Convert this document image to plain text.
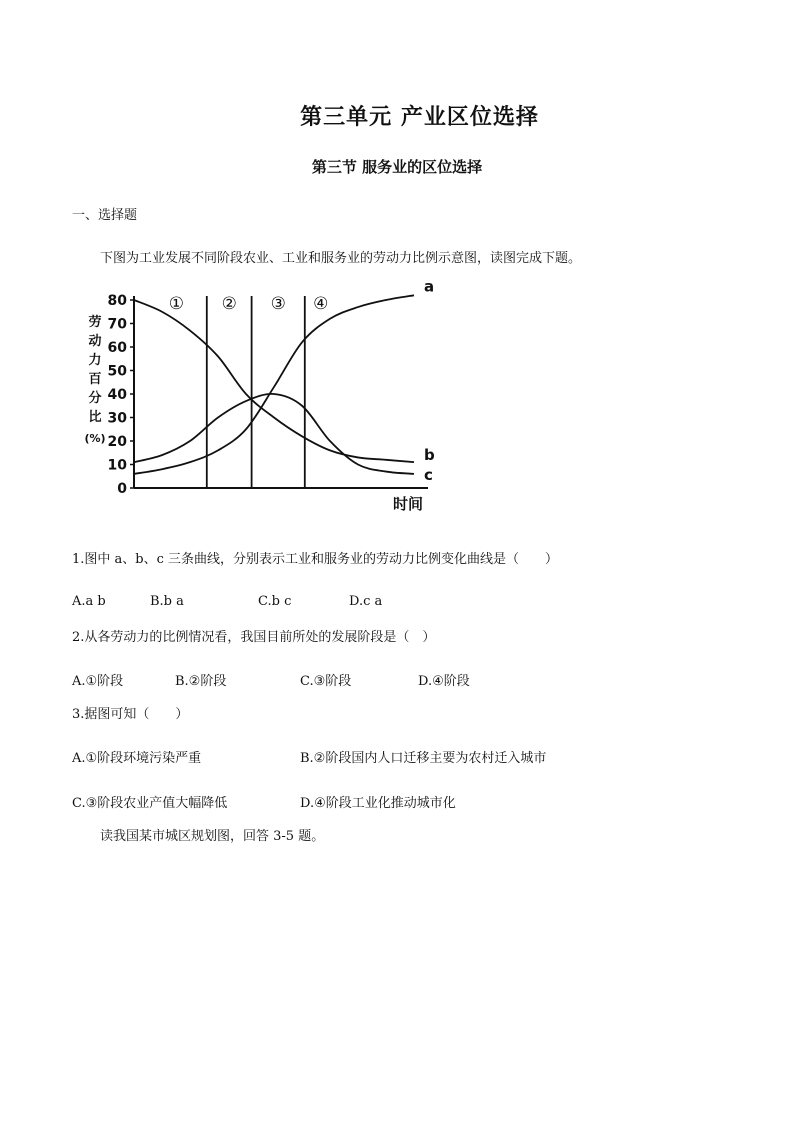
第三单元 产业区位选择
第三节 服务业的区位选择
一、选择题
下图为工业发展不同阶段农业、工业和服务业的劳动力比例示意图，读图完成下题。
0
10
20
30
40
50
60
70
80
劳
动
力
百
分
比
(%)
时间
① ② ③ ④
a
b
c
1.图中 a、b、c 三条曲线，分别表示工业和服务业的劳动力比例变化曲线是（　　）
A.a b	B.b a	C.b c	D.c a
2.从各劳动力的比例情况看，我国目前所处的发展阶段是（　）
A.①阶段	B.②阶段	C.③阶段	D.④阶段
3.据图可知（　　）
A.①阶段环境污染严重	B.②阶段国内人口迁移主要为农村迁入城市
C.③阶段农业产值大幅降低	D.④阶段工业化推动城市化
读我国某市城区规划图，回答 3-5 题。
